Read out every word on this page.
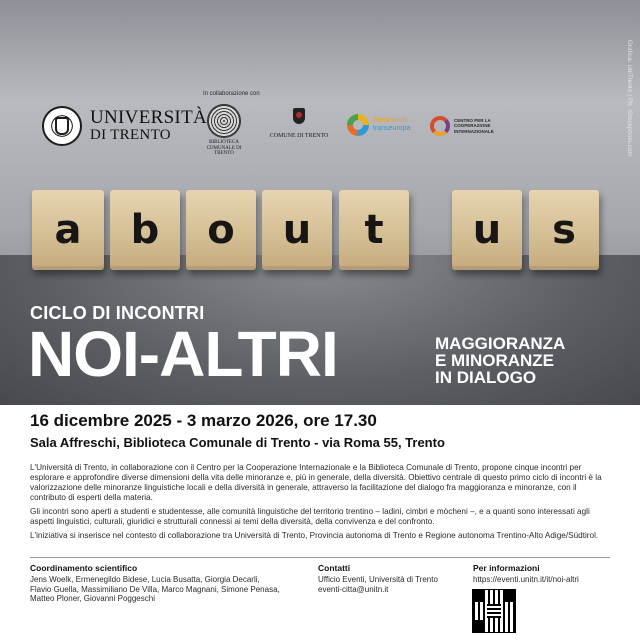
Grafica: UniTrento | Ph. iStockphoto.com
UNIVERSITÀ
DI TRENTO
In collaborazione con
BIBLIOTECA COMUNALE DI TRENTO
COMUNE DI TRENTO
Seminando
transeuropa
CENTRO PER LA COOPERAZIONE INTERNAZIONALE
a	b	o	u	t	u	s
CICLO DI INCONTRI
NOI-ALTRI	MAGGIORANZA
E MINORANZE
IN DIALOGO
16 dicembre 2025 - 3 marzo 2026, ore 17.30
Sala Affreschi, Biblioteca Comunale di Trento - via Roma 55, Trento

L'Università di Trento, in collaborazione con il Centro per la Cooperazione Internazionale e la Biblioteca Comunale di Trento, propone cinque incontri per esplorare e approfondire diverse dimensioni della vita delle minoranze e, più in generale, della diversità. Obiettivo centrale di questo primo ciclo di incontri è la valorizzazione delle minoranze linguistiche locali e della diversità in generale, attraverso la facilitazione del dialogo fra maggioranza e minoranze, con il contributo di esperti della materia.

Gli incontri sono aperti a studenti e studentesse, alle comunità linguistiche del territorio trentino – ladini, cimbri e mòcheni –, e a quanti sono interessati agli aspetti linguistici, culturali, giuridici e strutturali connessi ai temi della diversità, della convivenza e del confronto.

L'iniziativa si inserisce nel contesto di collaborazione tra Università di Trento, Provincia autonoma di Trento e Regione autonoma Trentino-Alto Adige/Südtirol.

Coordinamento scientifico
Jens Woelk, Ermenegildo Bidese, Lucia Busatta, Giorgia Decarli,
Flavio Guella, Massimiliano De Villa, Marco Magnani, Simone Penasa,
Matteo Ploner, Giovanni Poggeschi
Contatti
Ufficio Eventi, Università di Trento
eventi-citta@unitn.it
Per informazioni
https://eventi.unitn.it/it/noi-altri
